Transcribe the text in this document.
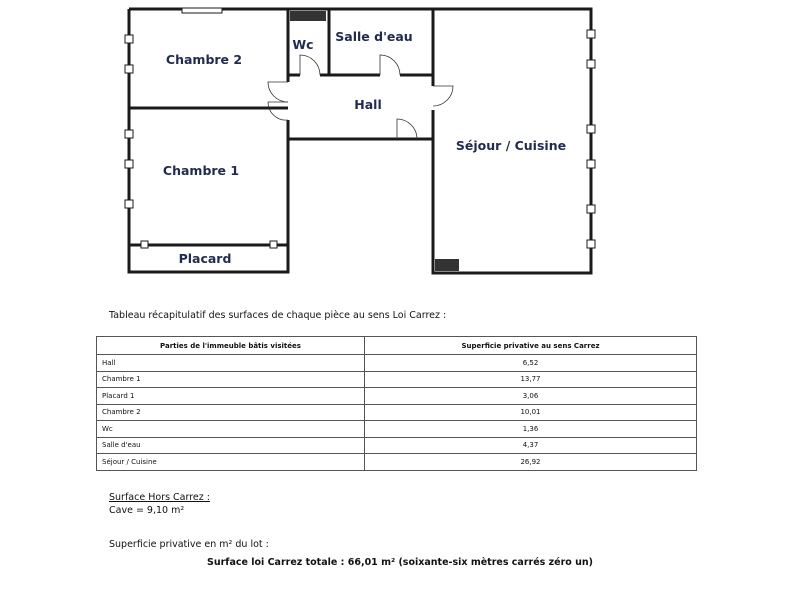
Chambre 2
Wc
Salle d'eau
Hall
Séjour / Cuisine
Chambre 1
Placard
Tableau récapitulatif des surfaces de chaque pièce au sens Loi Carrez :
Parties de l'immeuble bâtis visitées	Superficie privative au sens Carrez
Hall	6,52
Chambre 1	13,77
Placard 1	3,06
Chambre 2	10,01
Wc	1,36
Salle d'eau	4,37
Séjour / Cuisine	26,92
Surface Hors Carrez :
Cave = 9,10 m²
Superficie privative en m² du lot :
Surface loi Carrez totale : 66,01 m² (soixante-six mètres carrés zéro un)
